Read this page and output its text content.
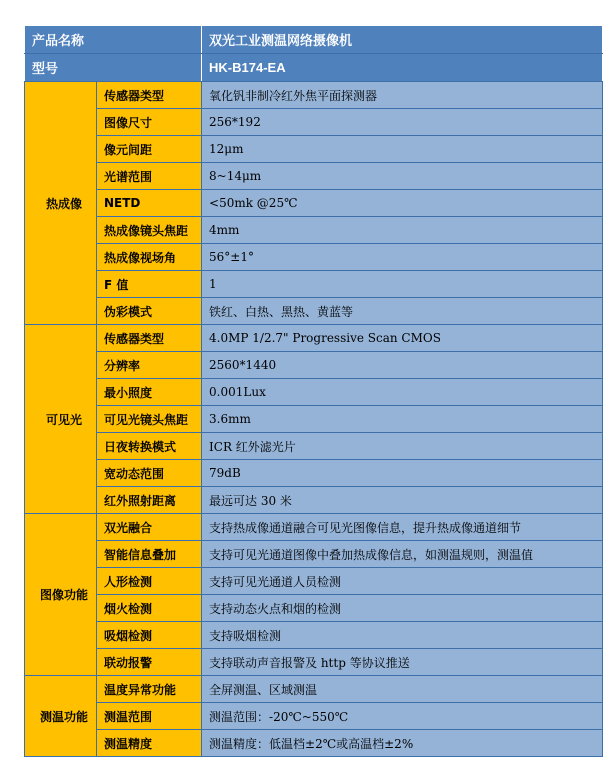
产品名称		双光工业测温网络摄像机
型号		HK-B174-EA
热成像	传感器类型	氧化钒非制冷红外焦平面探测器
	图像尺寸	256*192
	像元间距	12μm
	光谱范围	8~14μm
	NETD	<50mk @25℃
	热成像镜头焦距	4mm
	热成像视场角	56°±1°
	F 值	1
	伪彩模式	铁红、白热、黑热、黄蓝等
可见光	传感器类型	4.0MP 1/2.7" Progressive Scan CMOS
	分辨率	2560*1440
	最小照度	0.001Lux
	可见光镜头焦距	3.6mm
	日夜转换模式	ICR 红外滤光片
	宽动态范围	79dB
	红外照射距离	最远可达 30 米
图像功能	双光融合	支持热成像通道融合可见光图像信息，提升热成像通道细节
	智能信息叠加	支持可见光通道图像中叠加热成像信息，如测温规则，测温值
	人形检测	支持可见光通道人员检测
	烟火检测	支持动态火点和烟的检测
	吸烟检测	支持吸烟检测
	联动报警	支持联动声音报警及 http 等协议推送
测温功能	温度异常功能	全屏测温、区域测温
	测温范围	测温范围：-20℃~550℃
	测温精度	测温精度：低温档±2℃或高温档±2%
